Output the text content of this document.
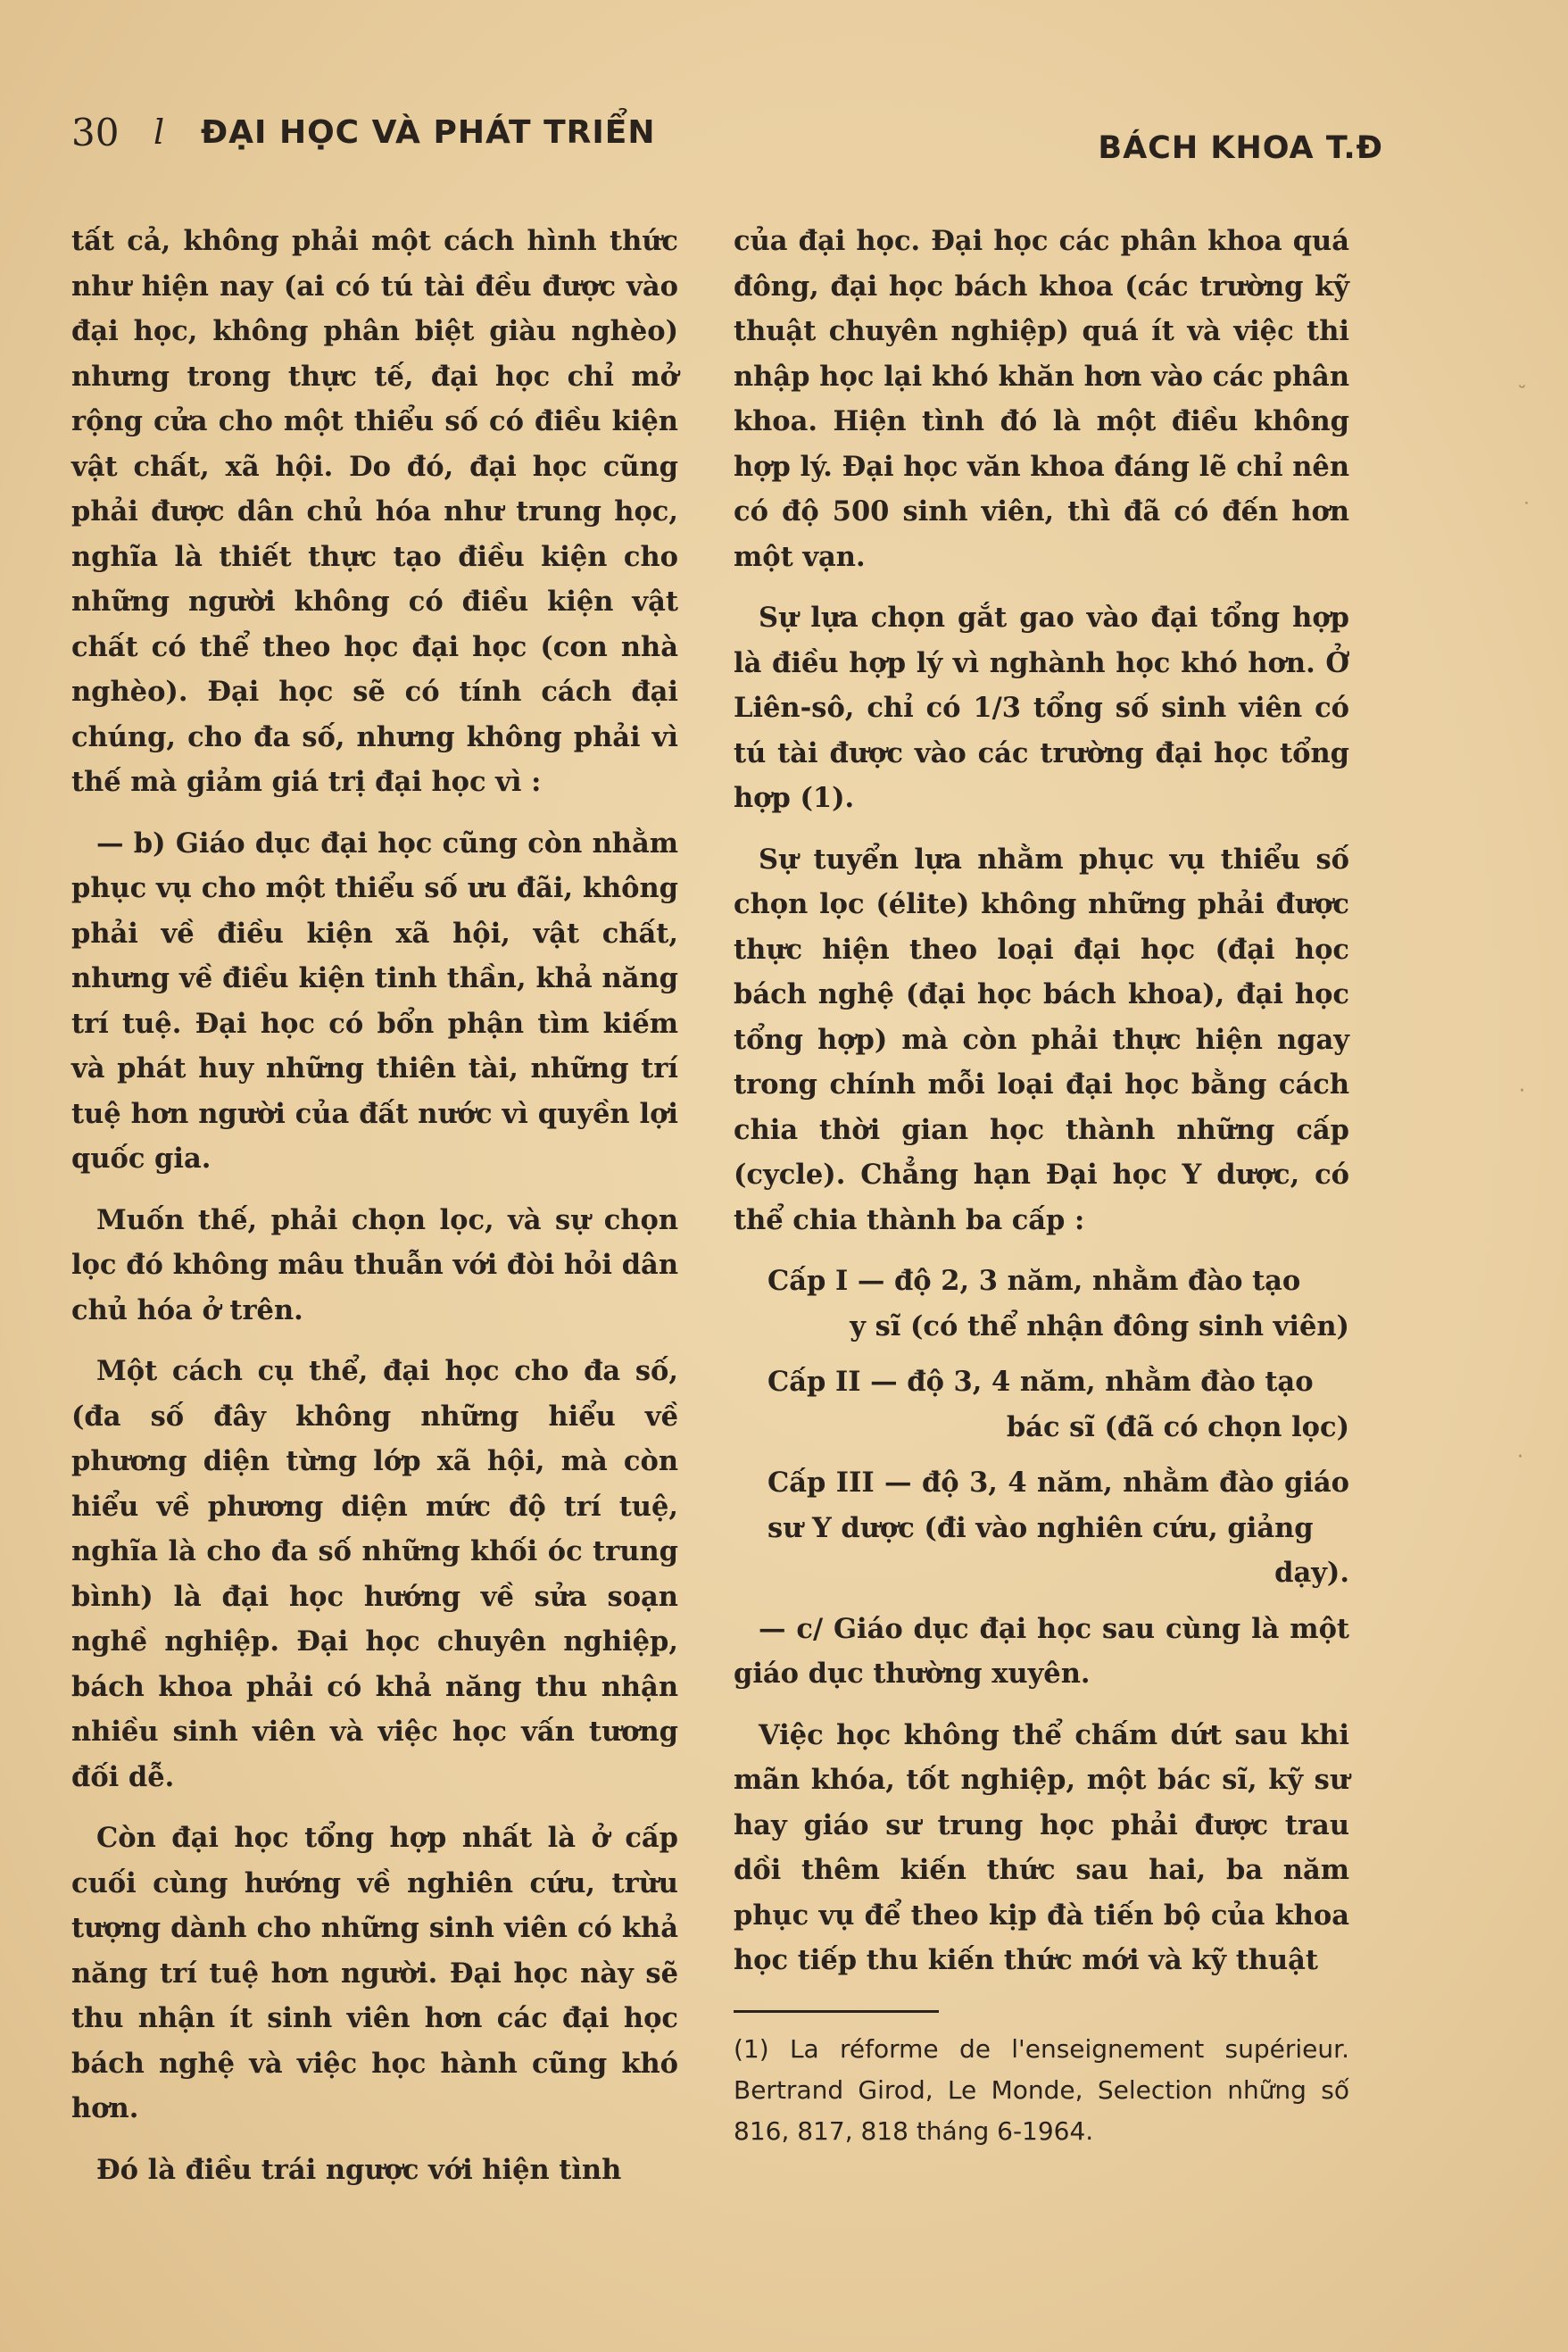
30 l ĐẠI HỌC VÀ PHÁT TRIỂN	BÁCH KHOA T.Đ

tất cả, không phải một cách hình thức như hiện nay (ai có tú tài đều được vào đại học, không phân biệt giàu nghèo) nhưng trong thực tế, đại học chỉ mở rộng cửa cho một thiểu số có điều kiện vật chất, xã hội. Do đó, đại học cũng phải được dân chủ hóa như trung học, nghĩa là thiết thực tạo điều kiện cho những người không có điều kiện vật chất có thể theo học đại học (con nhà nghèo). Đại học sẽ có tính cách đại chúng, cho đa số, nhưng không phải vì thế mà giảm giá trị đại học vì :

— b) Giáo dục đại học cũng còn nhằm phục vụ cho một thiểu số ưu đãi, không phải về điều kiện xã hội, vật chất, nhưng về điều kiện tinh thần, khả năng trí tuệ. Đại học có bổn phận tìm kiếm và phát huy những thiên tài, những trí tuệ hơn người của đất nước vì quyền lợi quốc gia.

Muốn thế, phải chọn lọc, và sự chọn lọc đó không mâu thuẫn với đòi hỏi dân chủ hóa ở trên.

Một cách cụ thể, đại học cho đa số, (đa số đây không những hiểu về phương diện từng lớp xã hội, mà còn hiểu về phương diện mức độ trí tuệ, nghĩa là cho đa số những khối óc trung bình) là đại học hướng về sửa soạn nghề nghiệp. Đại học chuyên nghiệp, bách khoa phải có khả năng thu nhận nhiều sinh viên và việc học vấn tương đối dễ.

Còn đại học tổng hợp nhất là ở cấp cuối cùng hướng về nghiên cứu, trừu tượng dành cho những sinh viên có khả năng trí tuệ hơn người. Đại học này sẽ thu nhận ít sinh viên hơn các đại học bách nghệ và việc học hành cũng khó hơn.

Đó là điều trái ngược với hiện tình

của đại học. Đại học các phân khoa quá đông, đại học bách khoa (các trường kỹ thuật chuyên nghiệp) quá ít và việc thi nhập học lại khó khăn hơn vào các phân khoa. Hiện tình đó là một điều không hợp lý. Đại học văn khoa đáng lẽ chỉ nên có độ 500 sinh viên, thì đã có đến hơn một vạn.

Sự lựa chọn gắt gao vào đại tổng hợp là điều hợp lý vì nghành học khó hơn. Ở Liên-sô, chỉ có 1/3 tổng số sinh viên có tú tài được vào các trường đại học tổng hợp (1).

Sự tuyển lựa nhằm phục vụ thiểu số chọn lọc (élite) không những phải được thực hiện theo loại đại học (đại học bách nghệ (đại học bách khoa), đại học tổng hợp) mà còn phải thực hiện ngay trong chính mỗi loại đại học bằng cách chia thời gian học thành những cấp (cycle). Chẳng hạn Đại học Y dược, có thể chia thành ba cấp :

Cấp I — độ 2, 3 năm, nhằm đào tạo
y sĩ (có thể nhận đông sinh viên)
Cấp II — độ 3, 4 năm, nhằm đào tạo
bác sĩ (đã có chọn lọc)
Cấp III — độ 3, 4 năm, nhằm đào giáo sư Y dược (đi vào nghiên cứu, giảng
dạy).

— c/ Giáo dục đại học sau cùng là một giáo dục thường xuyên.

Việc học không thể chấm dứt sau khi mãn khóa, tốt nghiệp, một bác sĩ, kỹ sư hay giáo sư trung học phải được trau dồi thêm kiến thức sau hai, ba năm phục vụ để theo kịp đà tiến bộ của khoa học tiếp thu kiến thức mới và kỹ thuật

(1) La réforme de l'enseignement supérieur. Bertrand Girod, Le Monde, Selection những số 816, 817, 818 tháng 6-1964.
˘
˙
·
·
